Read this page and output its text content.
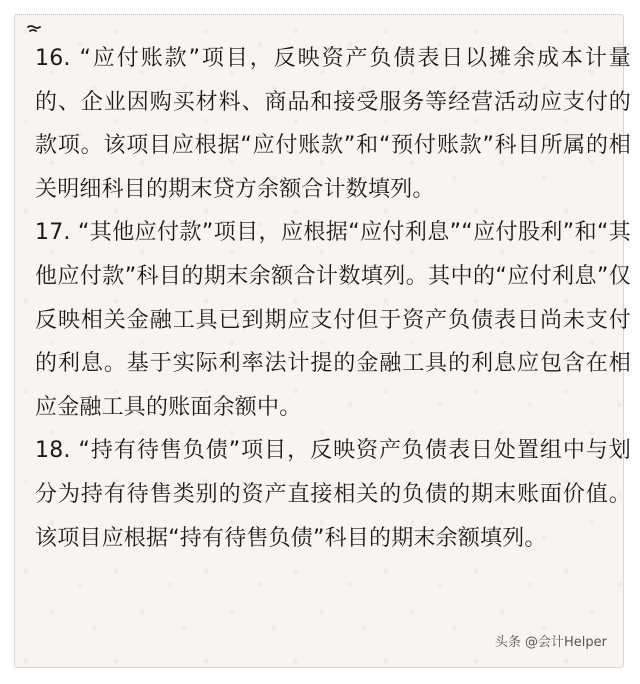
16. “应付账款”项目，反映资产负债表日以摊余成本计量的、企业因购买材料、商品和接受服务等经营活动应支付的款项。该项目应根据“应付账款”和“预付账款”科目所属的相关明细科目的期末贷方余额合计数填列。

17. “其他应付款”项目，应根据“应付利息”“应付股利”和“其他应付款”科目的期末余额合计数填列。其中的“应付利息”仅反映相关金融工具已到期应支付但于资产负债表日尚未支付的利息。基于实际利率法计提的金融工具的利息应包含在相应金融工具的账面余额中。

18. “持有待售负债”项目，反映资产负债表日处置组中与划分为持有待售类别的资产直接相关的负债的期末账面价值。该项目应根据“持有待售负债”科目的期末余额填列。

头条 @会计Helper
